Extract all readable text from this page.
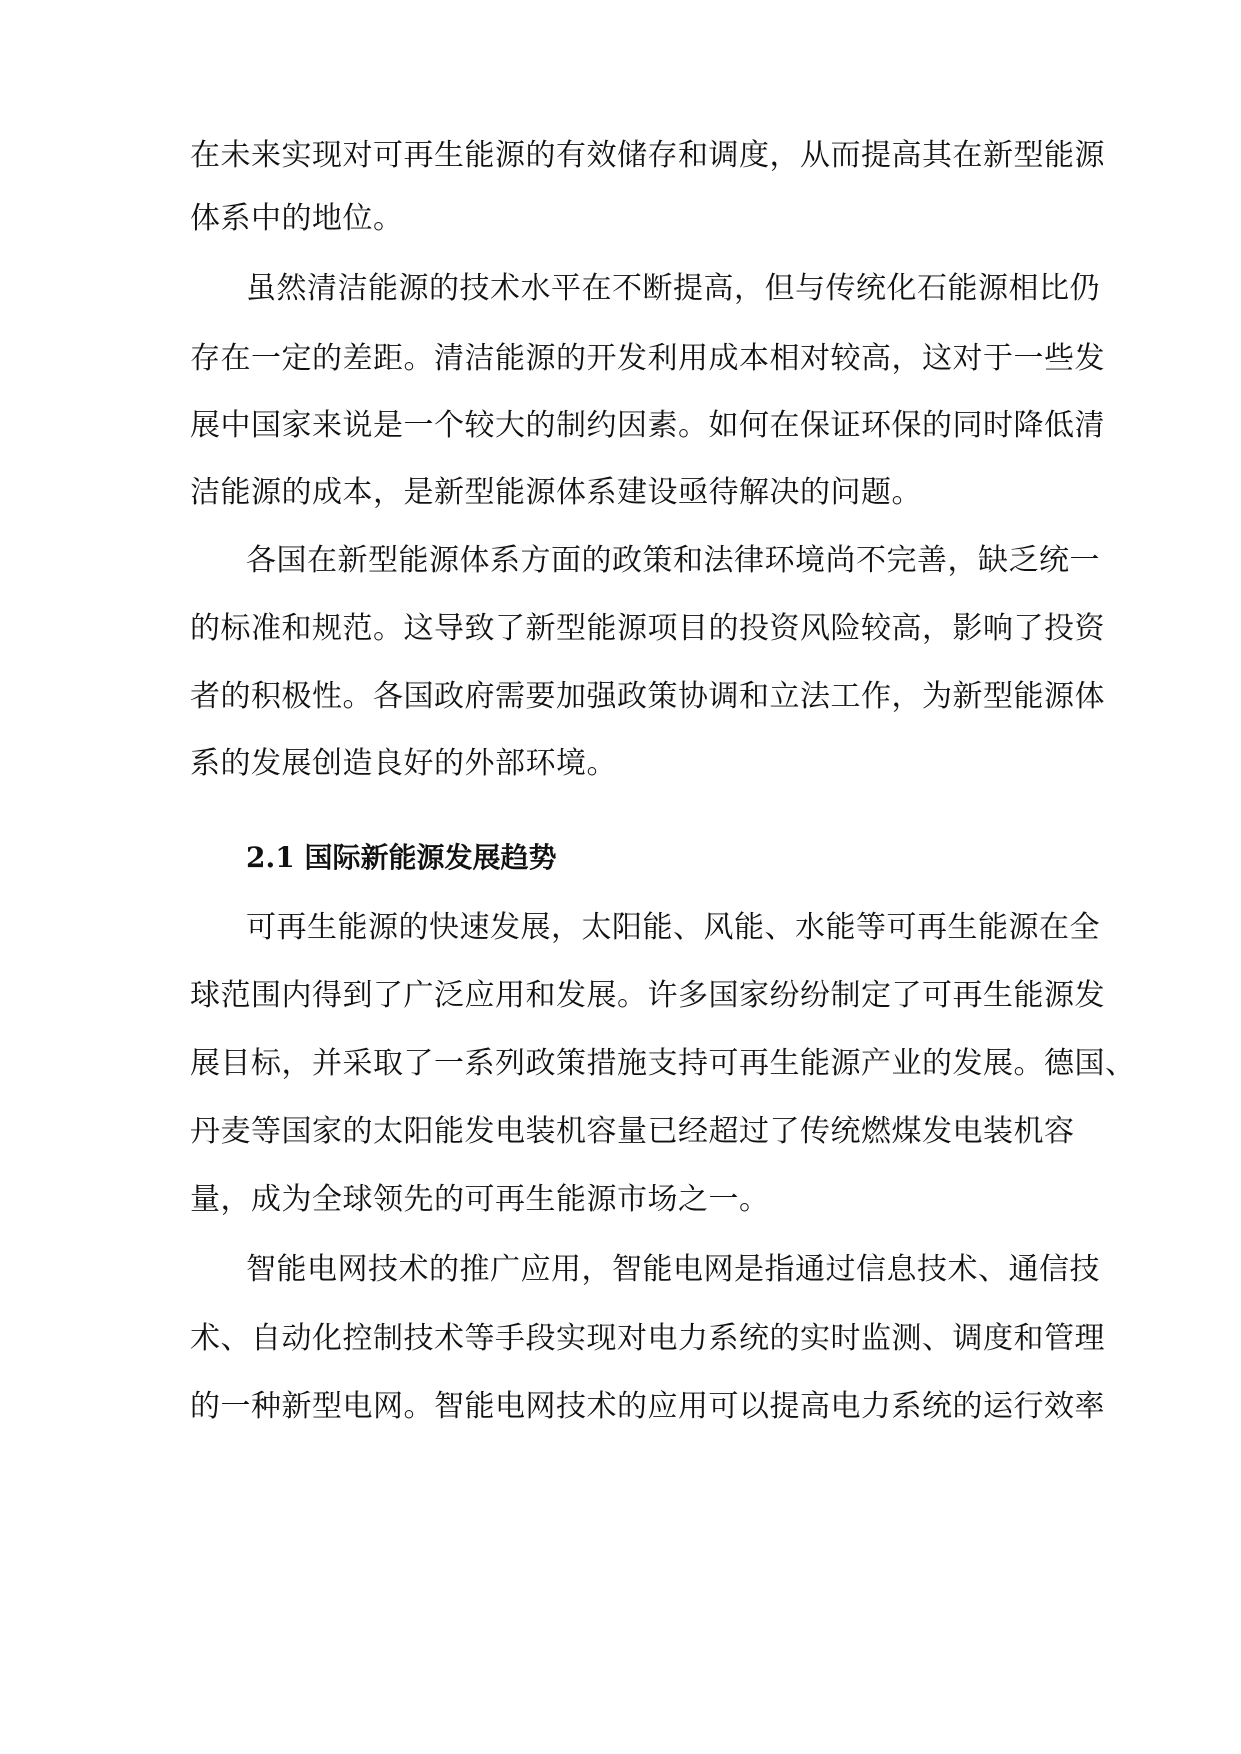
在未来实现对可再生能源的有效储存和调度，从而提高其在新型能源
体系中的地位。
虽然清洁能源的技术水平在不断提高，但与传统化石能源相比仍
存在一定的差距。清洁能源的开发利用成本相对较高，这对于一些发
展中国家来说是一个较大的制约因素。如何在保证环保的同时降低清
洁能源的成本，是新型能源体系建设亟待解决的问题。
各国在新型能源体系方面的政策和法律环境尚不完善，缺乏统一
的标准和规范。这导致了新型能源项目的投资风险较高，影响了投资
者的积极性。各国政府需要加强政策协调和立法工作，为新型能源体
系的发展创造良好的外部环境。
2.1 国际新能源发展趋势
可再生能源的快速发展，太阳能、风能、水能等可再生能源在全
球范围内得到了广泛应用和发展。许多国家纷纷制定了可再生能源发
展目标，并采取了一系列政策措施支持可再生能源产业的发展。德国、
丹麦等国家的太阳能发电装机容量已经超过了传统燃煤发电装机容
量，成为全球领先的可再生能源市场之一。
智能电网技术的推广应用，智能电网是指通过信息技术、通信技
术、自动化控制技术等手段实现对电力系统的实时监测、调度和管理
的一种新型电网。智能电网技术的应用可以提高电力系统的运行效率
